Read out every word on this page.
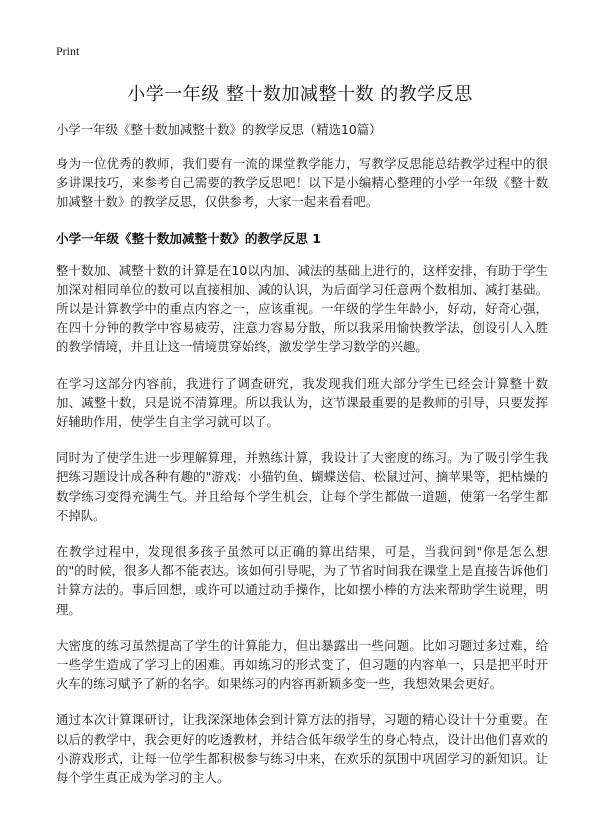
Print
小学一年级 整十数加减整十数 的教学反思

小学一年级《整十数加减整十数》的教学反思（精选10篇）

身为一位优秀的教师，我们要有一流的课堂教学能力，写教学反思能总结教学过程中的很多讲课技巧，来参考自己需要的教学反思吧！以下是小编精心整理的小学一年级《整十数加减整十数》的教学反思，仅供参考，大家一起来看看吧。

小学一年级《整十数加减整十数》的教学反思 1

整十数加、减整十数的计算是在10以内加、减法的基础上进行的，这样安排，有助于学生加深对相同单位的数可以直接相加、减的认识，为后面学习任意两个数相加、减打基础。所以是计算教学中的重点内容之一，应该重视。一年级的学生年龄小，好动，好奇心强，在四十分钟的教学中容易疲劳，注意力容易分散，所以我采用愉快教学法，创设引人入胜的教学情境，并且让这一情境贯穿始终，激发学生学习数学的兴趣。

在学习这部分内容前，我进行了调查研究，我发现我们班大部分学生已经会计算整十数加、减整十数，只是说不清算理。所以我认为，这节课最重要的是教师的引导，只要发挥好辅助作用，使学生自主学习就可以了。

同时为了使学生进一步理解算理，并熟练计算，我设计了大密度的练习。为了吸引学生我把练习题设计成各种有趣的"游戏：小猫钓鱼、蝴蝶送信、松鼠过河、摘苹果等，把枯燥的数学练习变得充满生气。并且给每个学生机会，让每个学生都做一道题，使第一名学生都不掉队。

在教学过程中，发现很多孩子虽然可以正确的算出结果，可是，当我问到"你是怎么想的"的时候，很多人都不能表达。该如何引导呢，为了节省时间我在课堂上是直接告诉他们计算方法的。事后回想，或许可以通过动手操作，比如摆小棒的方法来帮助学生说理，明理。

大密度的练习虽然提高了学生的计算能力，但出暴露出一些问题。比如习题过多过难，给一些学生造成了学习上的困难。再如练习的形式变了，但习题的内容单一，只是把平时开火车的练习赋予了新的名字。如果练习的内容再新颖多变一些，我想效果会更好。

通过本次计算课研讨，让我深深地体会到计算方法的指导，习题的精心设计十分重要。在以后的教学中，我会更好的吃透教材，并结合低年级学生的身心特点，设计出他们喜欢的小游戏形式，让每一位学生都积极参与练习中来，在欢乐的氛围中巩固学习的新知识。让每个学生真正成为学习的主人。
